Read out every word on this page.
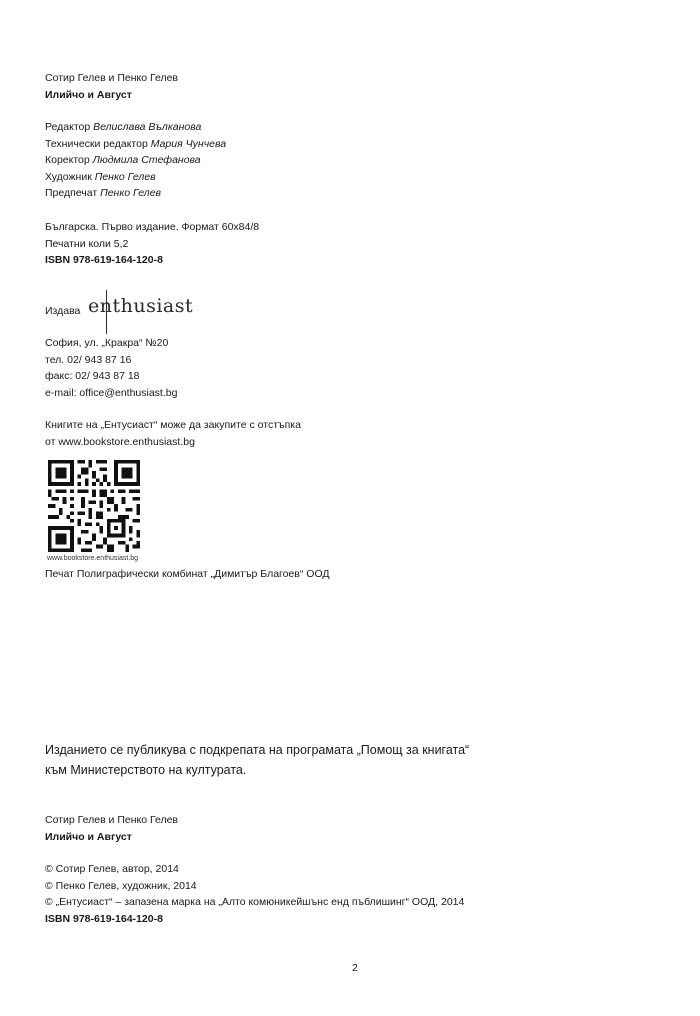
Сотир Гелев и Пенко Гелев
Илийчо и Август
Редактор Велислава Вълканова
Технически редактор Мария Чунчева
Коректор Людмила Стефанова
Художник Пенко Гелев
Предпечат Пенко Гелев
Българска. Първо издание. Формат 60x84/8
Печатни коли 5,2
ISBN 978-619-164-120-8
Издава enthusiast
София, ул. „Кракра“ №20
тел. 02/ 943 87 16
факс: 02/ 943 87 18
e-mail: office@enthusiast.bg
Книгите на „Ентусиаст“ може да закупите с отстъпка
от www.bookstore.enthusiast.bg
www.bookstore.enthusiast.bg
Печат Полиграфически комбинат „Димитър Благоев“ ООД
Изданието се публикува с подкрепата на програмата „Помощ за книгата“
към Министерството на културата.
Сотир Гелев и Пенко Гелев
Илийчо и Август
© Сотир Гелев, автор, 2014
© Пенко Гелев, художник, 2014
© „Ентусиаст“ – запазена марка на „Алто комюникейшънс енд пъблишинг“ ООД, 2014
ISBN 978-619-164-120-8
2
